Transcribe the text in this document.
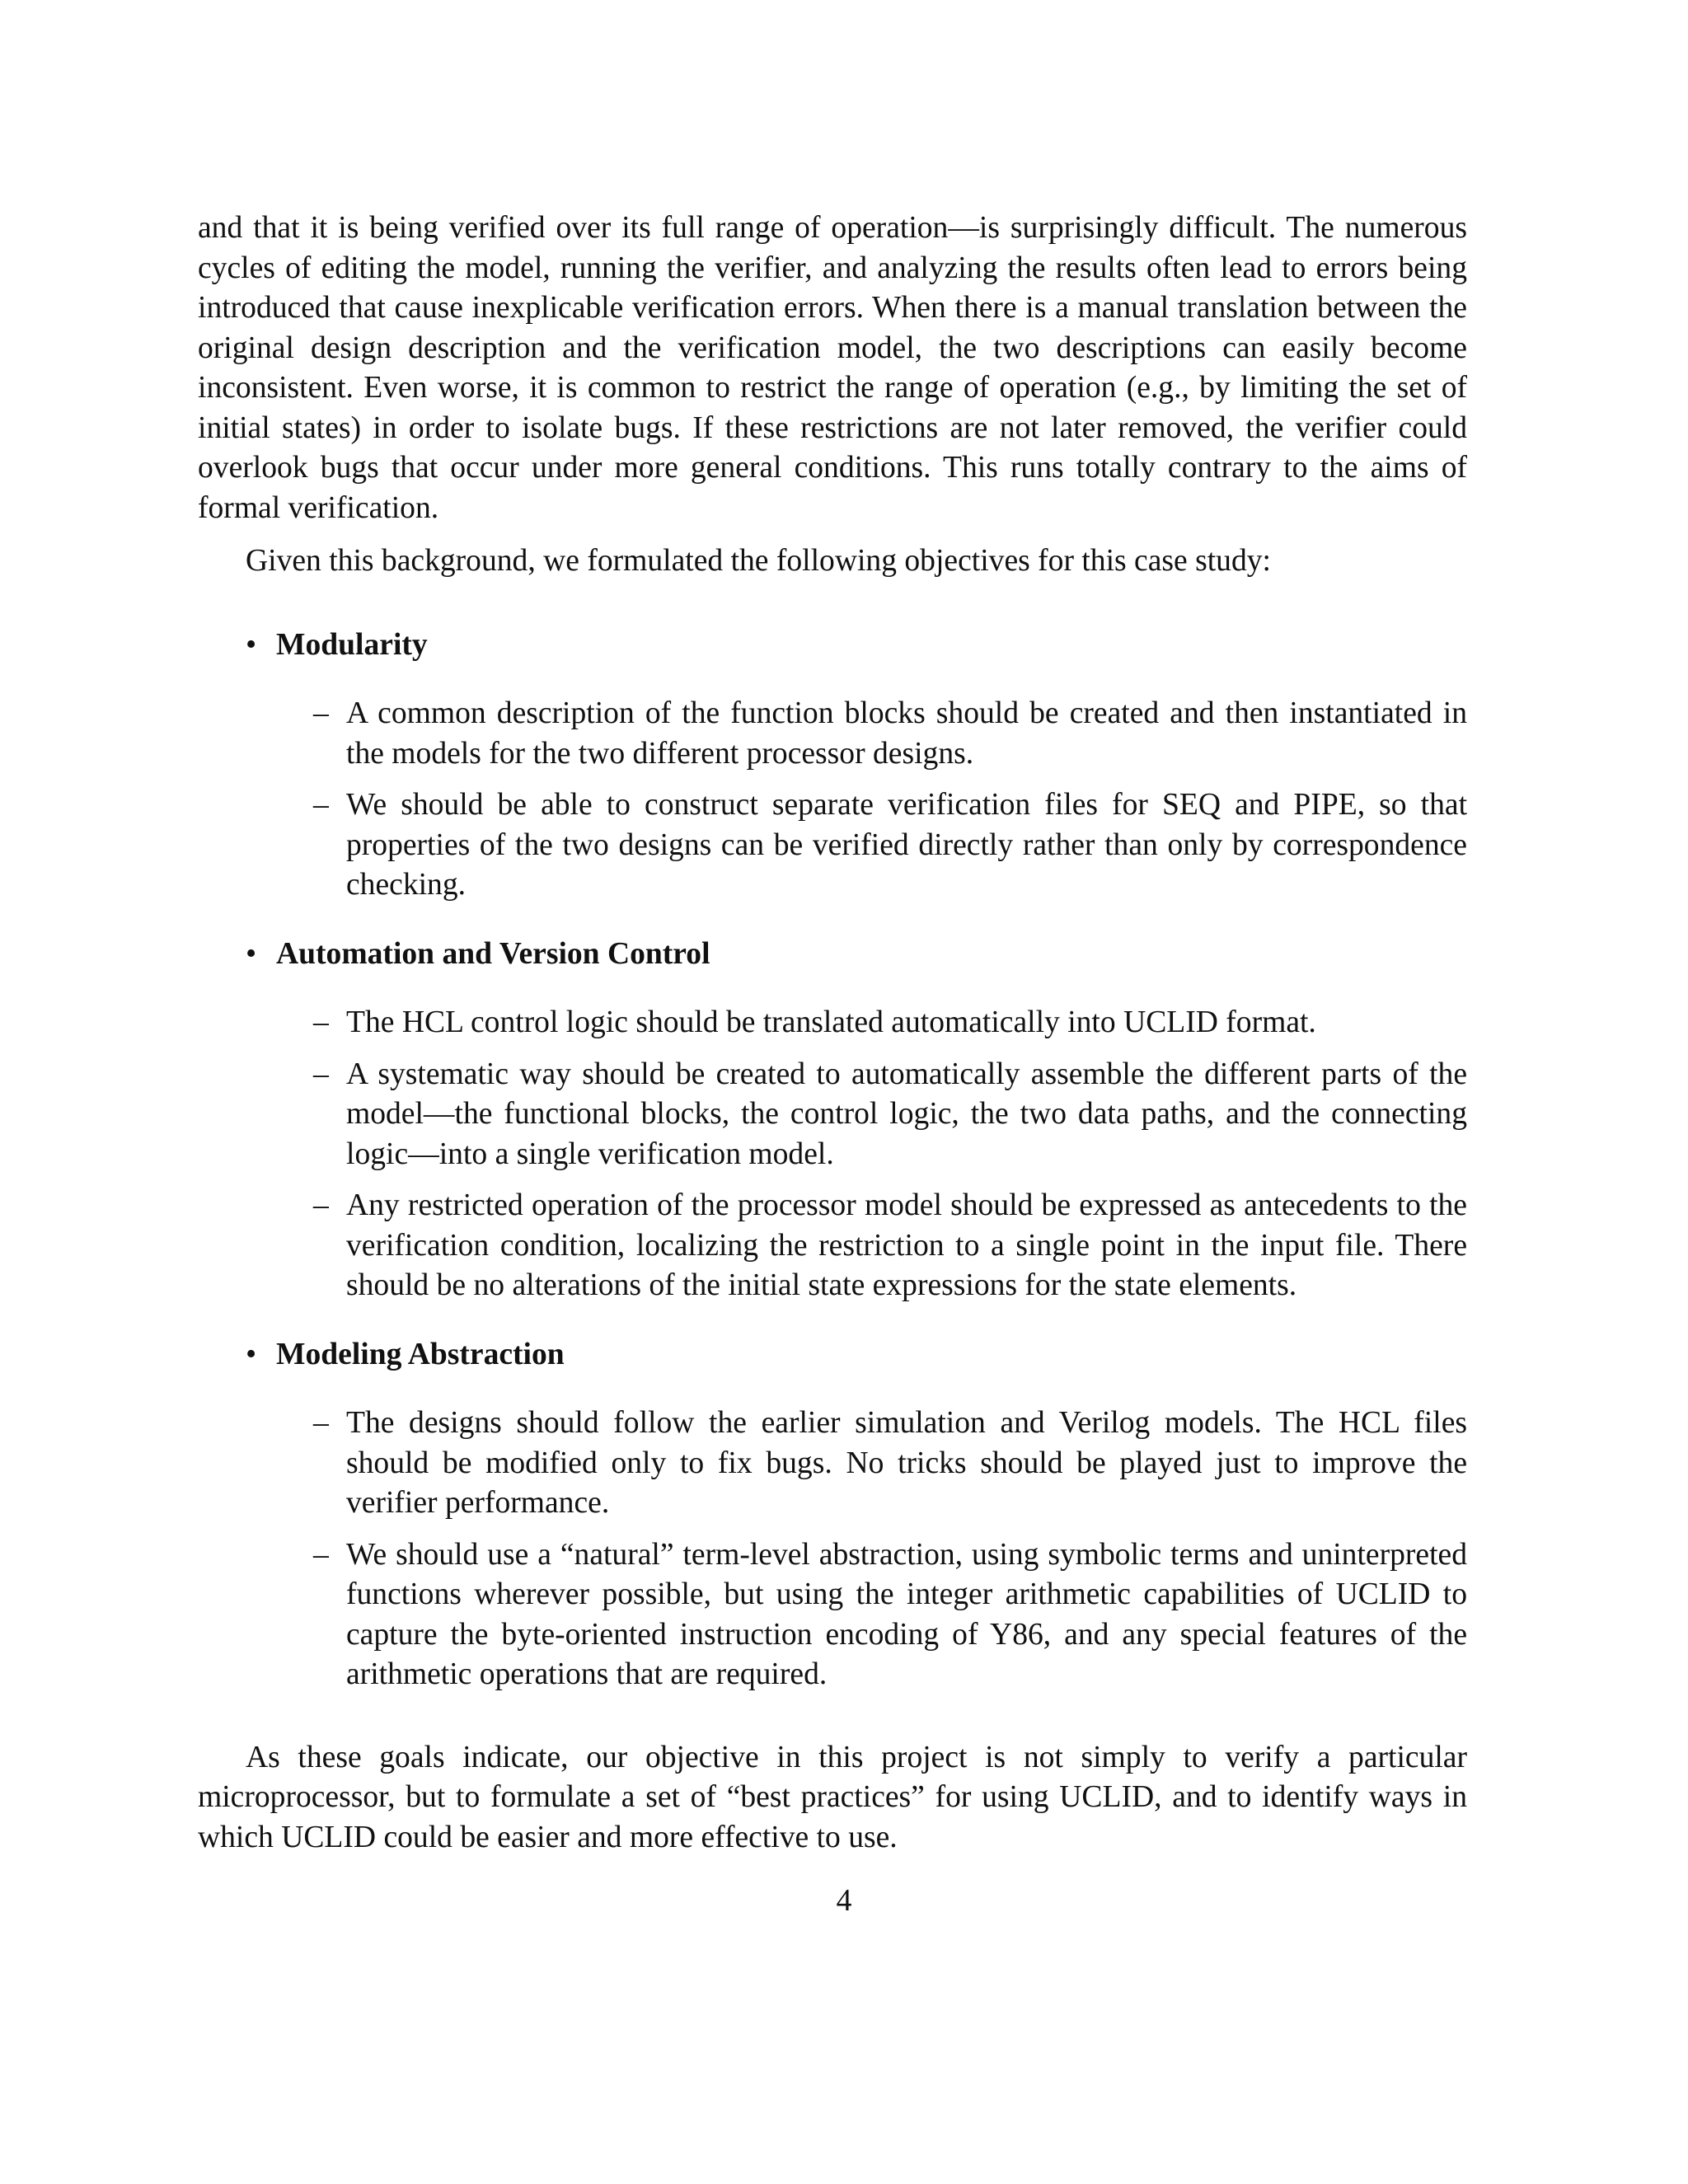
and that it is being verified over its full range of operation—is surprisingly difficult. The numerous cycles of editing the model, running the verifier, and analyzing the results often lead to errors being introduced that cause inexplicable verification errors. When there is a manual translation between the original design description and the verification model, the two descriptions can easily become inconsistent. Even worse, it is common to restrict the range of operation (e.g., by limiting the set of initial states) in order to isolate bugs. If these restrictions are not later removed, the verifier could overlook bugs that occur under more general conditions. This runs totally contrary to the aims of formal verification.

Given this background, we formulated the following objectives for this case study:

• Modularity
– A common description of the function blocks should be created and then instantiated in the models for the two different processor designs.
– We should be able to construct separate verification files for SEQ and PIPE, so that properties of the two designs can be verified directly rather than only by correspondence checking.
• Automation and Version Control
– The HCL control logic should be translated automatically into UCLID format.
– A systematic way should be created to automatically assemble the different parts of the model—the functional blocks, the control logic, the two data paths, and the connecting logic—into a single verification model.
– Any restricted operation of the processor model should be expressed as antecedents to the verification condition, localizing the restriction to a single point in the input file. There should be no alterations of the initial state expressions for the state elements.
• Modeling Abstraction
– The designs should follow the earlier simulation and Verilog models. The HCL files should be modified only to fix bugs. No tricks should be played just to improve the verifier performance.
– We should use a “natural” term-level abstraction, using symbolic terms and uninterpreted functions wherever possible, but using the integer arithmetic capabilities of UCLID to capture the byte-oriented instruction encoding of Y86, and any special features of the arithmetic operations that are required.

As these goals indicate, our objective in this project is not simply to verify a particular microprocessor, but to formulate a set of “best practices” for using UCLID, and to identify ways in which UCLID could be easier and more effective to use.

4
